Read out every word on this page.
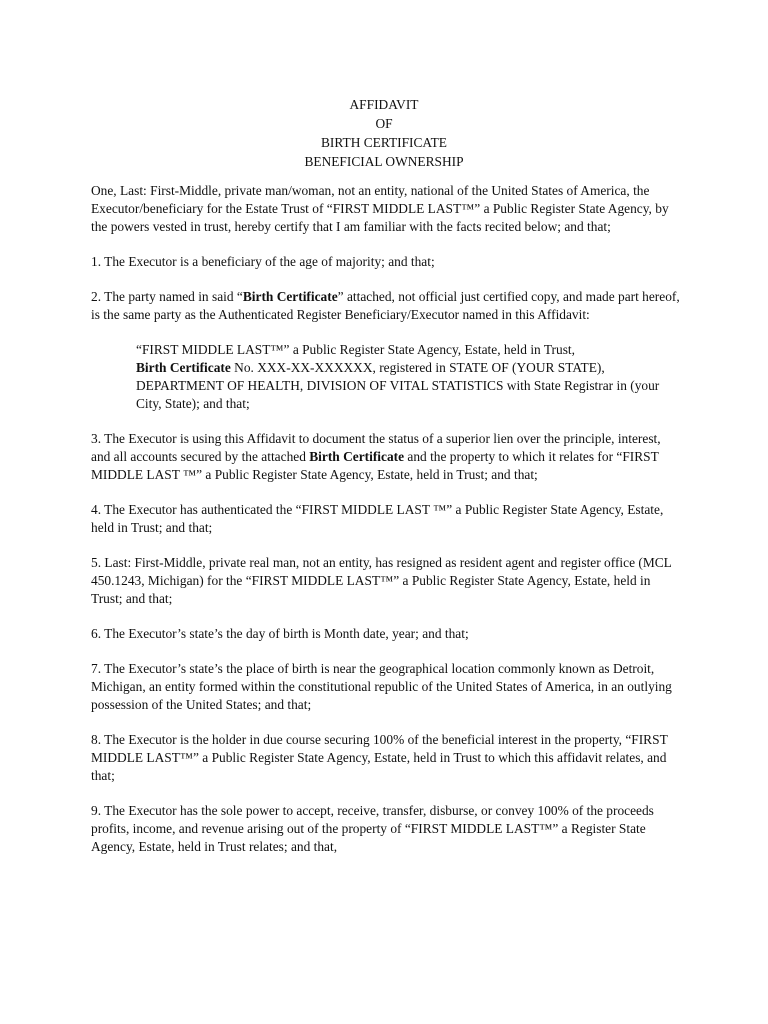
AFFIDAVIT
OF
BIRTH CERTIFICATE
BENEFICIAL OWNERSHIP

One, Last: First-Middle, private man/woman, not an entity, national of the United States of America, the Executor/beneficiary for the Estate Trust of “FIRST MIDDLE LAST™” a Public Register State Agency, by the powers vested in trust, hereby certify that I am familiar with the facts recited below; and that;

1. The Executor is a beneficiary of the age of majority; and that;

2. The party named in said “Birth Certificate” attached, not official just certified copy, and made part hereof, is the same party as the Authenticated Register Beneficiary/Executor named in this Affidavit:

“FIRST MIDDLE LAST™” a Public Register State Agency, Estate, held in Trust,
Birth Certificate No. XXX-XX-XXXXXX, registered in STATE OF (YOUR STATE), DEPARTMENT OF HEALTH, DIVISION OF VITAL STATISTICS with State Registrar in (your City, State); and that;

3. The Executor is using this Affidavit to document the status of a superior lien over the principle, interest, and all accounts secured by the attached Birth Certificate and the property to which it relates for “FIRST MIDDLE LAST ™” a Public Register State Agency, Estate, held in Trust; and that;

4. The Executor has authenticated the “FIRST MIDDLE LAST ™” a Public Register State Agency, Estate, held in Trust; and that;

5. Last: First-Middle, private real man, not an entity, has resigned as resident agent and register office (MCL 450.1243, Michigan) for the “FIRST MIDDLE LAST™” a Public Register State Agency, Estate, held in Trust; and that;

6. The Executor’s state’s the day of birth is Month date, year; and that;

7. The Executor’s state’s the place of birth is near the geographical location commonly known as Detroit, Michigan, an entity formed within the constitutional republic of the United States of America, in an outlying possession of the United States; and that;

8. The Executor is the holder in due course securing 100% of the beneficial interest in the property, “FIRST MIDDLE LAST™” a Public Register State Agency, Estate, held in Trust to which this affidavit relates, and that;

9. The Executor has the sole power to accept, receive, transfer, disburse, or convey 100% of the proceeds profits, income, and revenue arising out of the property of “FIRST MIDDLE LAST™” a Register State Agency, Estate, held in Trust relates; and that,
